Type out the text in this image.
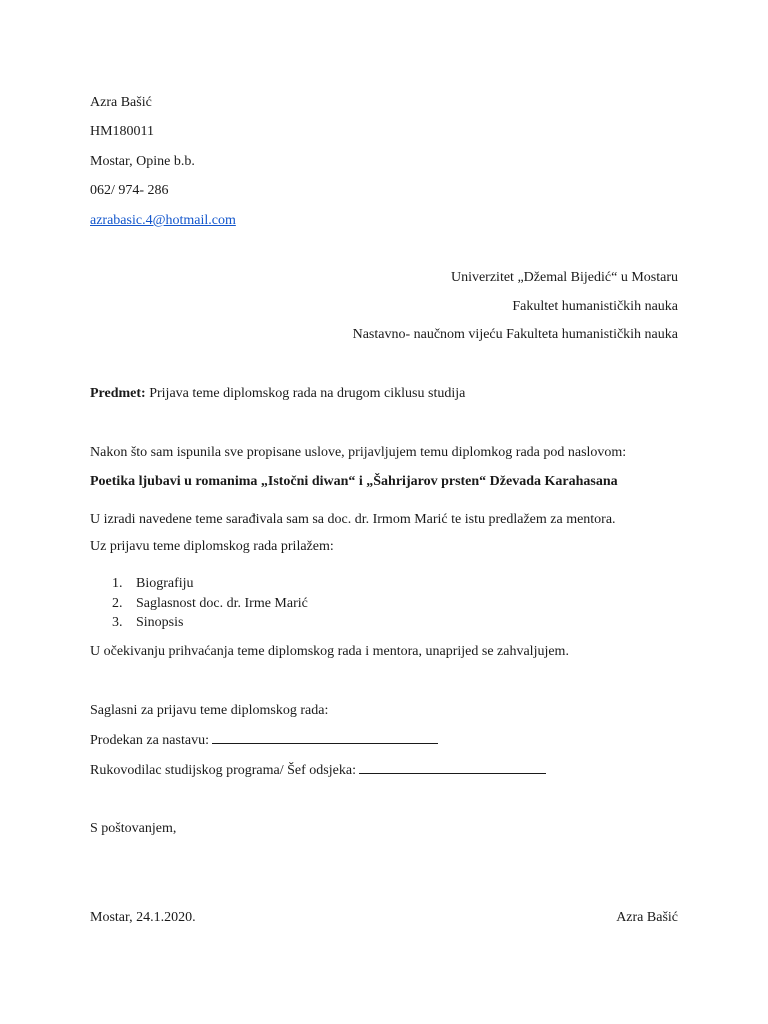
Azra Bašić
HM180011
Mostar, Opine b.b.
062/ 974- 286
azrabasic.4@hotmail.com
Univerzitet „Džemal Bijedić“ u Mostaru
Fakultet humanističkih nauka
Nastavno- naučnom vijeću Fakulteta humanističkih nauka
Predmet: Prijava teme diplomskog rada na drugom ciklusu studija
Nakon što sam ispunila sve propisane uslove, prijavljujem temu diplomkog rada pod naslovom:
Poetika ljubavi u romanima „Istočni diwan“ i „Šahrijarov prsten“ Dževada Karahasana
U izradi navedene teme sarađivala sam sa doc. dr. Irmom Marić te istu predlažem za mentora.
Uz prijavu teme diplomskog rada prilažem:
1. Biografiju
2. Saglasnost doc. dr. Irme Marić
3. Sinopsis
U očekivanju prihvaćanja teme diplomskog rada i mentora, unaprijed se zahvaljujem.
Saglasni za prijavu teme diplomskog rada:
Prodekan za nastavu:
Rukovodilac studijskog programa/ Šef odsjeka:
S poštovanjem,
Mostar, 24.1.2020.	Azra Bašić
